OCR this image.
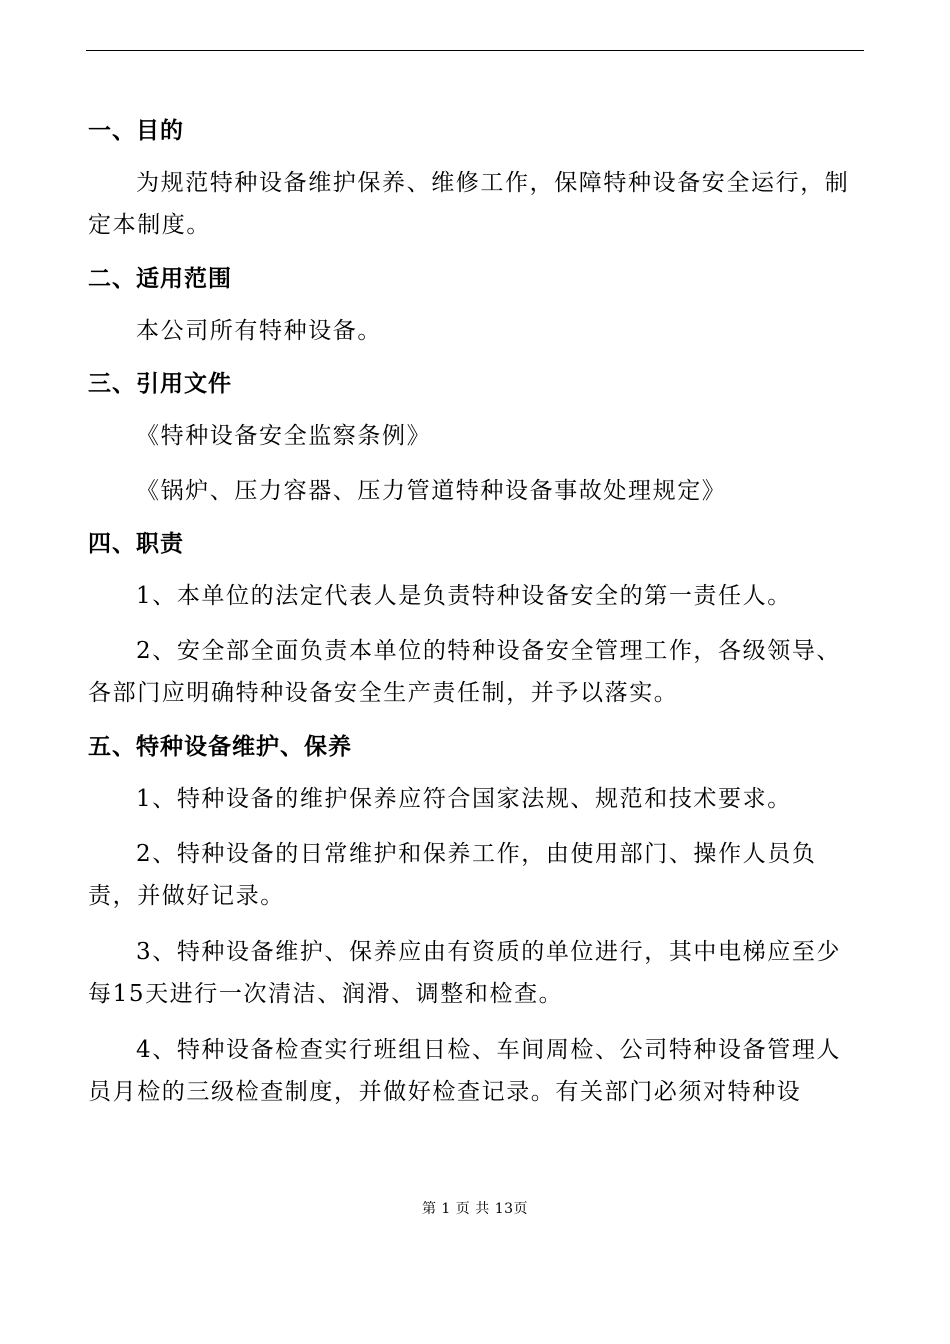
一、目的

为规范特种设备维护保养、维修工作，保障特种设备安全运行，制定本制度。

二、适用范围

本公司所有特种设备。

三、引用文件

《特种设备安全监察条例》

《锅炉、压力容器、压力管道特种设备事故处理规定》

四、职责

1、本单位的法定代表人是负责特种设备安全的第一责任人。

2、安全部全面负责本单位的特种设备安全管理工作，各级领导、各部门应明确特种设备安全生产责任制，并予以落实。

五、特种设备维护、保养

1、特种设备的维护保养应符合国家法规、规范和技术要求。

2、特种设备的日常维护和保养工作，由使用部门、操作人员负责，并做好记录。

3、特种设备维护、保养应由有资质的单位进行，其中电梯应至少每15天进行一次清洁、润滑、调整和检查。

4、特种设备检查实行班组日检、车间周检、公司特种设备管理人员月检的三级检查制度，并做好检查记录。有关部门必须对特种设

第 1 页 共 13页
